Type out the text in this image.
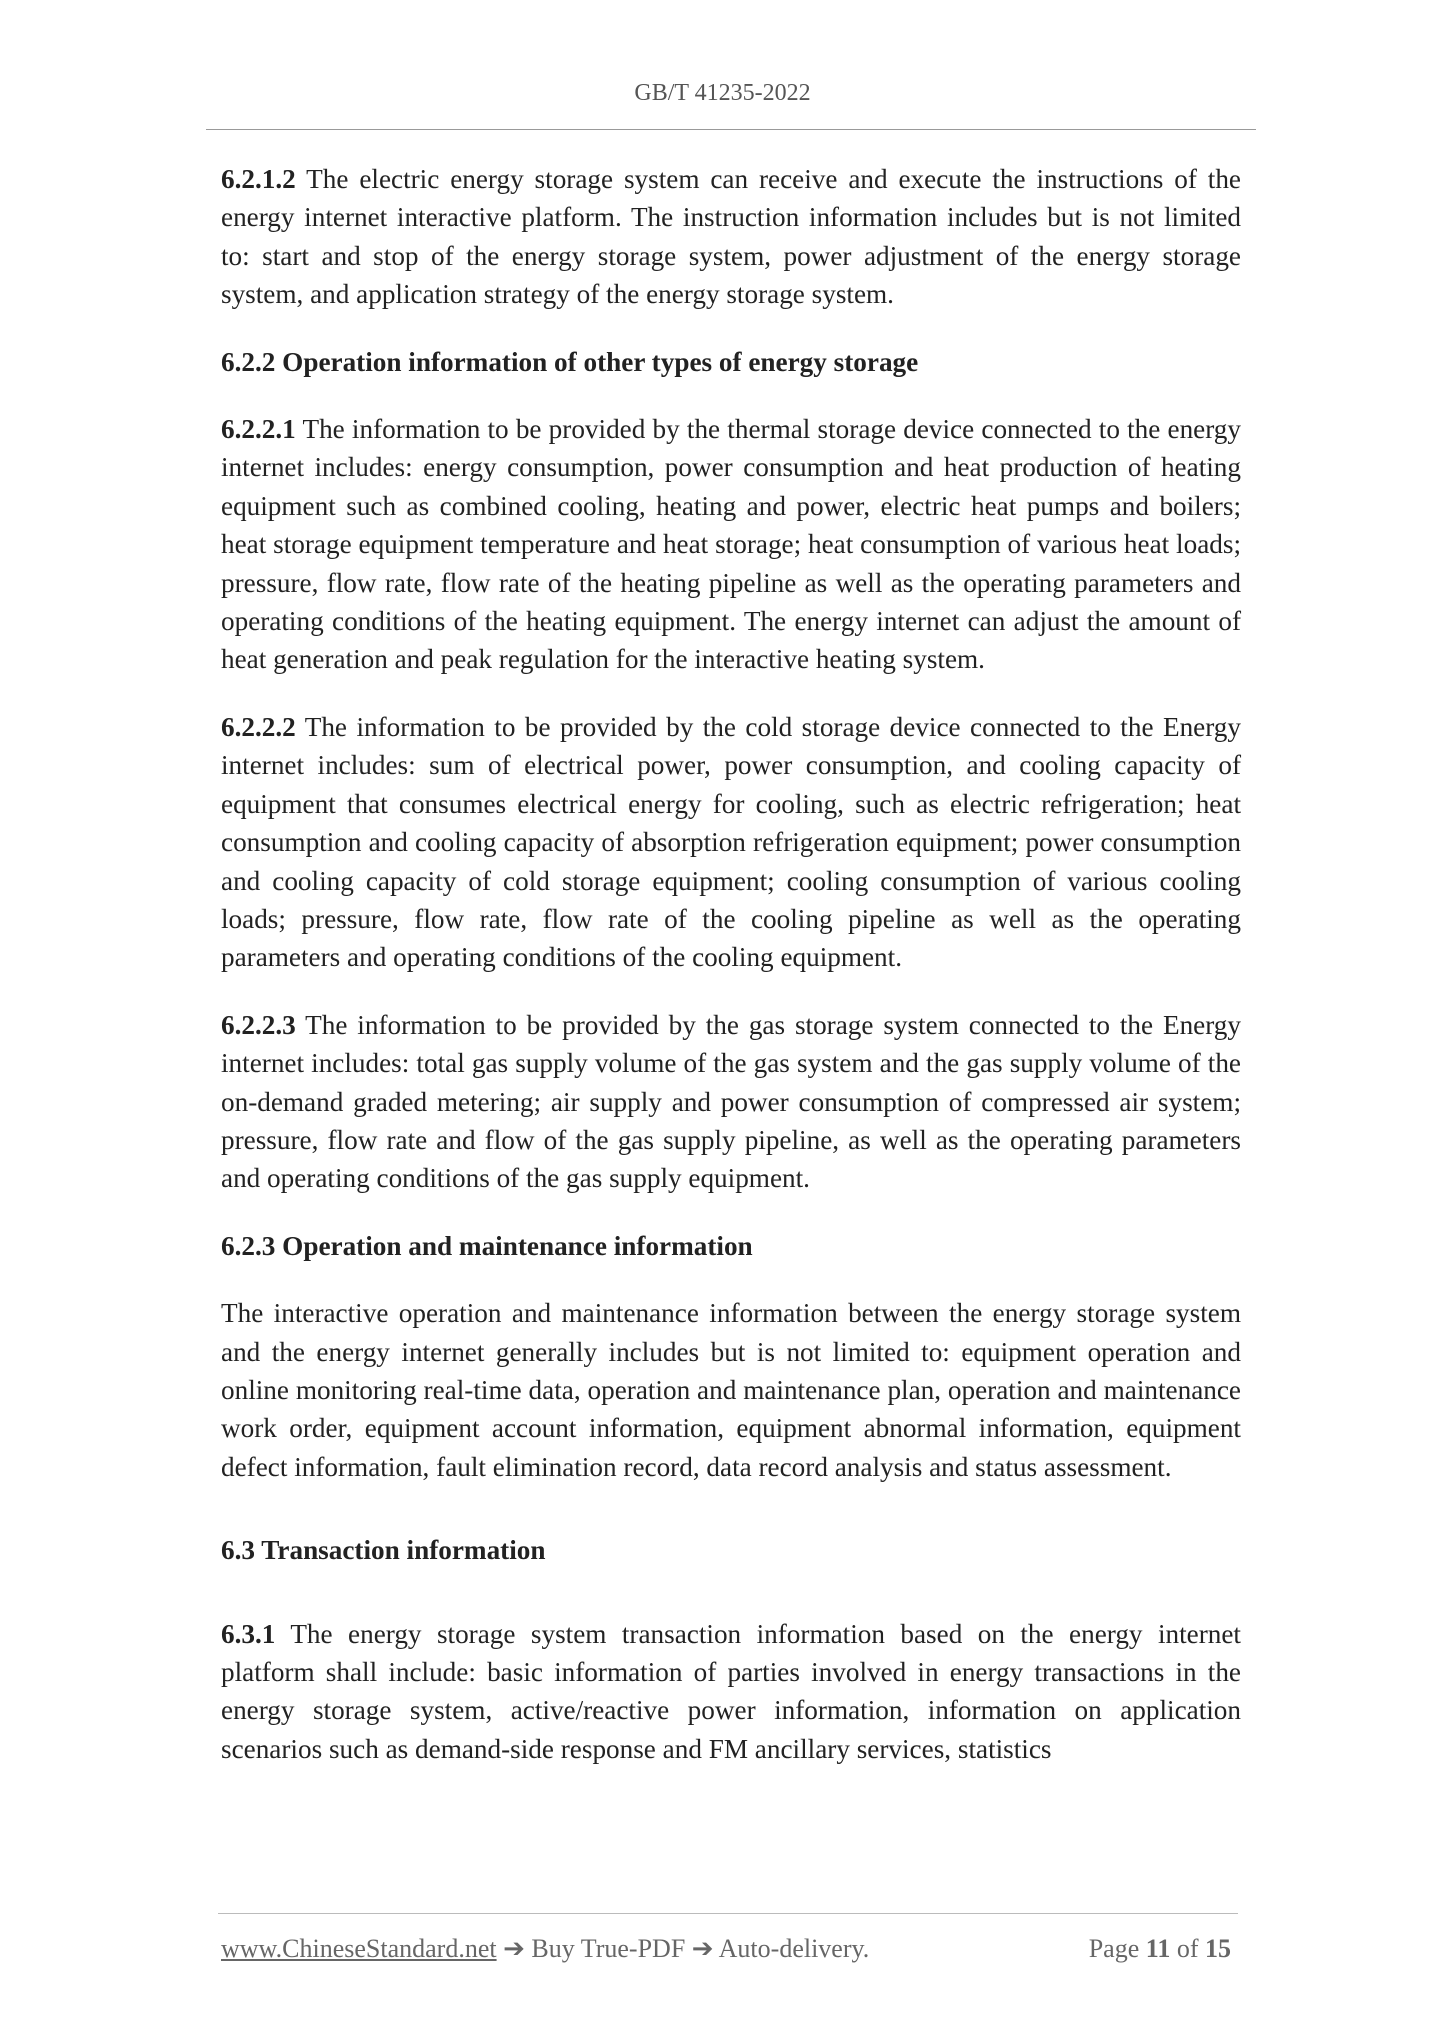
GB/T 41235-2022

6.2.1.2 The electric energy storage system can receive and execute the instructions of the energy internet interactive platform. The instruction information includes but is not limited to: start and stop of the energy storage system, power adjustment of the energy storage system, and application strategy of the energy storage system.

6.2.2 Operation information of other types of energy storage

6.2.2.1 The information to be provided by the thermal storage device connected to the energy internet includes: energy consumption, power consumption and heat production of heating equipment such as combined cooling, heating and power, electric heat pumps and boilers; heat storage equipment temperature and heat storage; heat consumption of various heat loads; pressure, flow rate, flow rate of the heating pipeline as well as the operating parameters and operating conditions of the heating equipment. The energy internet can adjust the amount of heat generation and peak regulation for the interactive heating system.

6.2.2.2 The information to be provided by the cold storage device connected to the Energy internet includes: sum of electrical power, power consumption, and cooling capacity of equipment that consumes electrical energy for cooling, such as electric refrigeration; heat consumption and cooling capacity of absorption refrigeration equipment; power consumption and cooling capacity of cold storage equipment; cooling consumption of various cooling loads; pressure, flow rate, flow rate of the cooling pipeline as well as the operating parameters and operating conditions of the cooling equipment.

6.2.2.3 The information to be provided by the gas storage system connected to the Energy internet includes: total gas supply volume of the gas system and the gas supply volume of the on-demand graded metering; air supply and power consumption of compressed air system; pressure, flow rate and flow of the gas supply pipeline, as well as the operating parameters and operating conditions of the gas supply equipment.

6.2.3 Operation and maintenance information

The interactive operation and maintenance information between the energy storage system and the energy internet generally includes but is not limited to: equipment operation and online monitoring real-time data, operation and maintenance plan, operation and maintenance work order, equipment account information, equipment abnormal information, equipment defect information, fault elimination record, data record analysis and status assessment.

6.3 Transaction information

6.3.1 The energy storage system transaction information based on the energy internet platform shall include: basic information of parties involved in energy transactions in the energy storage system, active/reactive power information, information on application scenarios such as demand-side response and FM ancillary services, statistics

www.ChineseStandard.net ➔ Buy True-PDF ➔ Auto-delivery.	Page 11 of 15
